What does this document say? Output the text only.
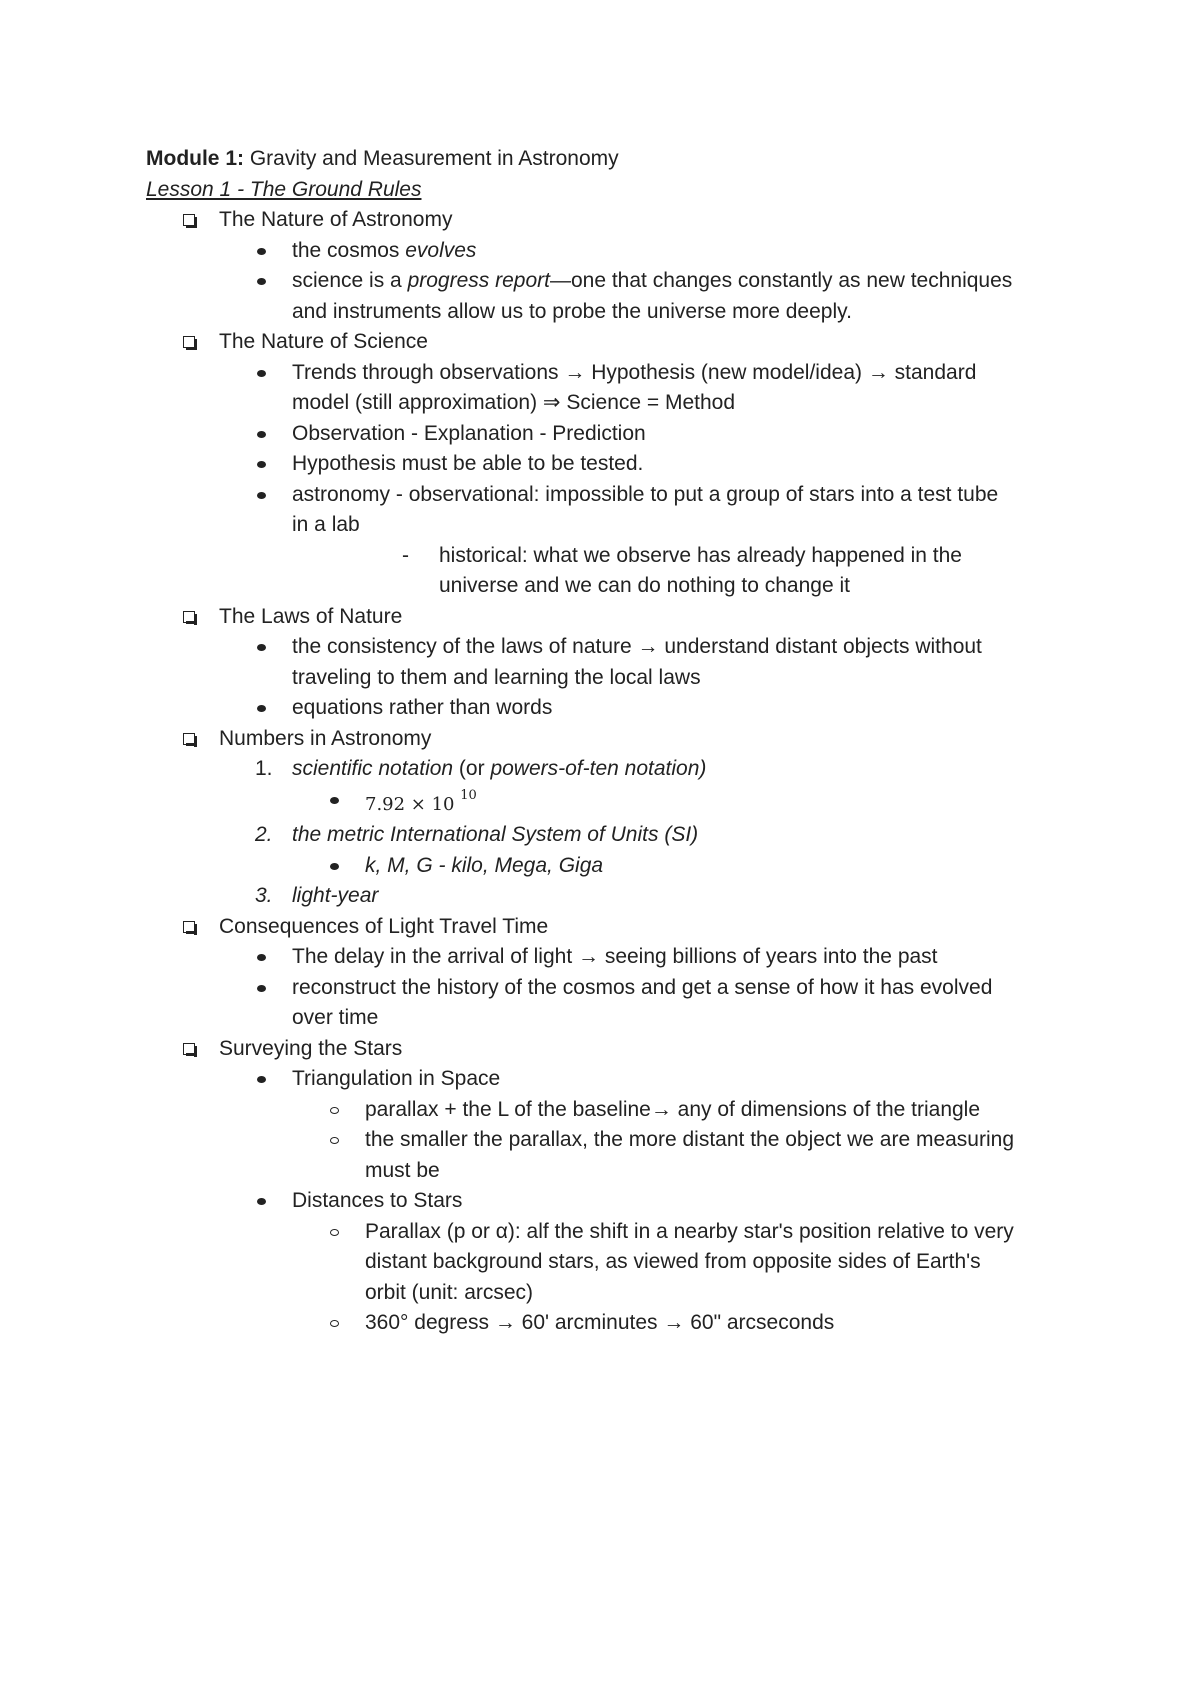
Module 1: Gravity and Measurement in Astronomy

Lesson 1 - The Ground Rules

The Nature of Astronomy
the cosmos evolves
science is a progress report—one that changes constantly as new techniques
and instruments allow us to probe the universe more deeply.
The Nature of Science
Trends through observations → Hypothesis (new model/idea) → standard
model (still approximation) ⇒ Science = Method
Observation - Explanation - Prediction
Hypothesis must be able to be tested.
astronomy - observational: impossible to put a group of stars into a test tube
in a lab
- historical: what we observe has already happened in the
universe and we can do nothing to change it
The Laws of Nature
the consistency of the laws of nature → understand distant objects without
traveling to them and learning the local laws
equations rather than words
Numbers in Astronomy
1. scientific notation (or powers-of-ten notation)
7.92 × 10 $^{10}$
2. the metric International System of Units (SI)
k, M, G - kilo, Mega, Giga
3. light-year
Consequences of Light Travel Time
The delay in the arrival of light → seeing billions of years into the past
reconstruct the history of the cosmos and get a sense of how it has evolved
over time
Surveying the Stars
Triangulation in Space
parallax + the L of the baseline→ any of dimensions of the triangle
the smaller the parallax, the more distant the object we are measuring
must be
Distances to Stars
Parallax (p or α): alf the shift in a nearby star's position relative to very
distant background stars, as viewed from opposite sides of Earth's
orbit (unit: arcsec)
360° degress → 60' arcminutes → 60" arcseconds
